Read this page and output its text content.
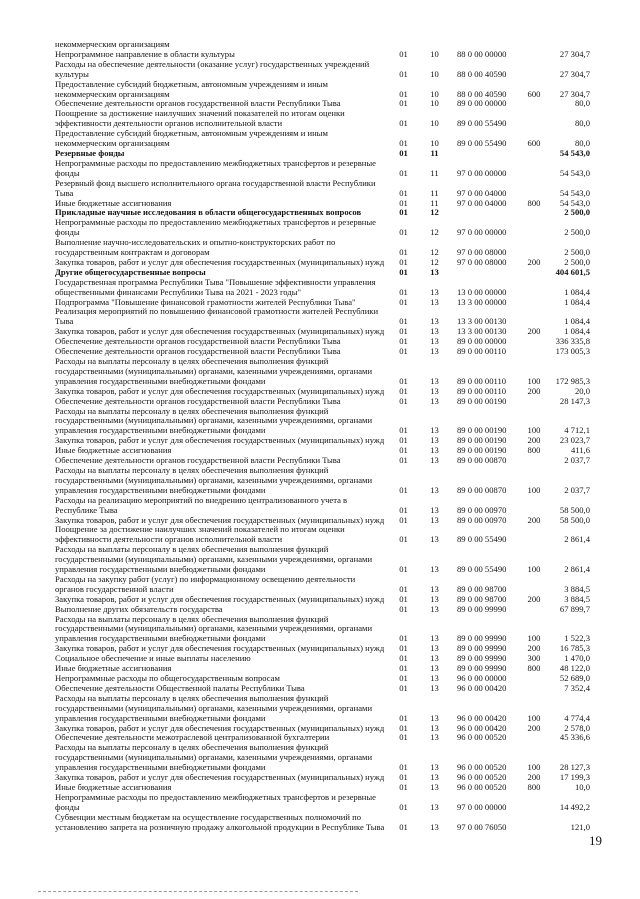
некоммерческим организациям
Непрограммное направление в области культуры	01	10	88 0 00 00000	27 304,7
Расходы на обеспечение деятельности (оказание услуг) государственных учреждений
культуры	01	10	88 0 00 40590	27 304,7
Предоставление субсидий бюджетным, автономным учреждениям и иным
некоммерческим организациям	01	10	88 0 00 40590	600	27 304,7
Обеспечение деятельности органов государственной власти Республики Тыва	01	10	89 0 00 00000	80,0
Поощрение за достижение наилучших значений показателей по итогам оценки
эффективности деятельности органов исполнительной власти	01	10	89 0 00 55490	80,0
Предоставление субсидий бюджетным, автономным учреждениям и иным
некоммерческим организациям	01	10	89 0 00 55490	600	80,0
Резервные фонды	01	11	54 543,0
Непрограммные расходы по предоставлению межбюджетных трансфертов и резервные
фонды	01	11	97 0 00 00000	54 543,0
Резервный фонд высшего исполнительного органа государственной власти Республики
Тыва	01	11	97 0 00 04000	54 543,0
Иные бюджетные ассигнования	01	11	97 0 00 04000	800	54 543,0
Прикладные научные исследования в области общегосударственных вопросов	01	12	2 500,0
Непрограммные расходы по предоставлению межбюджетных трансфертов и резервные
фонды	01	12	97 0 00 00000	2 500,0
Выполнение научно-исследовательских и опытно-конструкторских работ по
государственным контрактам и договорам	01	12	97 0 00 08000	2 500,0
Закупка товаров, работ и услуг для обеспечения государственных (муниципальных) нужд	01	12	97 0 00 08000	200	2 500,0
Другие общегосударственные вопросы	01	13	404 601,5
Государственная программа Республики Тыва "Повышение эффективности управления
общественными финансами Республики Тыва на 2021 - 2023 годы"	01	13	13 0 00 00000	1 084,4
Подпрограмма "Повышение финансовой грамотности жителей Республики Тыва"	01	13	13 3 00 00000	1 084,4
Реализация мероприятий по повышению финансовой грамотности жителей Республики
Тыва	01	13	13 3 00 00130	1 084,4
Закупка товаров, работ и услуг для обеспечения государственных (муниципальных) нужд	01	13	13 3 00 00130	200	1 084,4
Обеспечение деятельности органов государственной власти Республики Тыва	01	13	89 0 00 00000	336 335,8
Обеспечение деятельности органов государственной власти Республики Тыва	01	13	89 0 00 00110	173 005,3
Расходы на выплаты персоналу в целях обеспечения выполнения функций
государственными (муниципальными) органами, казенными учреждениями, органами
управления государственными внебюджетными фондами	01	13	89 0 00 00110	100	172 985,3
Закупка товаров, работ и услуг для обеспечения государственных (муниципальных) нужд	01	13	89 0 00 00110	200	20,0
Обеспечение деятельности органов государственной власти Республики Тыва	01	13	89 0 00 00190	28 147,3
Расходы на выплаты персоналу в целях обеспечения выполнения функций
государственными (муниципальными) органами, казенными учреждениями, органами
управления государственными внебюджетными фондами	01	13	89 0 00 00190	100	4 712,1
Закупка товаров, работ и услуг для обеспечения государственных (муниципальных) нужд	01	13	89 0 00 00190	200	23 023,7
Иные бюджетные ассигнования	01	13	89 0 00 00190	800	411,6
Обеспечение деятельности органов государственной власти Республики Тыва	01	13	89 0 00 00870	2 037,7
Расходы на выплаты персоналу в целях обеспечения выполнения функций
государственными (муниципальными) органами, казенными учреждениями, органами
управления государственными внебюджетными фондами	01	13	89 0 00 00870	100	2 037,7
Расходы на реализацию мероприятий по внедрению централизованного учета в
Республике Тыва	01	13	89 0 00 00970	58 500,0
Закупка товаров, работ и услуг для обеспечения государственных (муниципальных) нужд	01	13	89 0 00 00970	200	58 500,0
Поощрение за достижение наилучших значений показателей по итогам оценки
эффективности деятельности органов исполнительной власти	01	13	89 0 00 55490	2 861,4
Расходы на выплаты персоналу в целях обеспечения выполнения функций
государственными (муниципальными) органами, казенными учреждениями, органами
управления государственными внебюджетными фондами	01	13	89 0 00 55490	100	2 861,4
Расходы на закупку работ (услуг) по информационному освещению деятельности
органов государственной власти	01	13	89 0 00 98700	3 884,5
Закупка товаров, работ и услуг для обеспечения государственных (муниципальных) нужд	01	13	89 0 00 98700	200	3 884,5
Выполнение других обязательств государства	01	13	89 0 00 99990	67 899,7
Расходы на выплаты персоналу в целях обеспечения выполнения функций
государственными (муниципальными) органами, казенными учреждениями, органами
управления государственными внебюджетными фондами	01	13	89 0 00 99990	100	1 522,3
Закупка товаров, работ и услуг для обеспечения государственных (муниципальных) нужд	01	13	89 0 00 99990	200	16 785,3
Социальное обеспечение и иные выплаты населению	01	13	89 0 00 99990	300	1 470,0
Иные бюджетные ассигнования	01	13	89 0 00 99990	800	48 122,0
Непрограммные расходы по общегосударственным вопросам	01	13	96 0 00 00000	52 689,0
Обеспечение деятельности Общественной палаты Республики Тыва	01	13	96 0 00 00420	7 352,4
Расходы на выплаты персоналу в целях обеспечения выполнения функций
государственными (муниципальными) органами, казенными учреждениями, органами
управления государственными внебюджетными фондами	01	13	96 0 00 00420	100	4 774,4
Закупка товаров, работ и услуг для обеспечения государственных (муниципальных) нужд	01	13	96 0 00 00420	200	2 578,0
Обеспечение деятельности межотраслевой централизованной бухгалтерии	01	13	96 0 00 00520	45 336,6
Расходы на выплаты персоналу в целях обеспечения выполнения функций
государственными (муниципальными) органами, казенными учреждениями, органами
управления государственными внебюджетными фондами	01	13	96 0 00 00520	100	28 127,3
Закупка товаров, работ и услуг для обеспечения государственных (муниципальных) нужд	01	13	96 0 00 00520	200	17 199,3
Иные бюджетные ассигнования	01	13	96 0 00 00520	800	10,0
Непрограммные расходы по предоставлению межбюджетных трансфертов и резервные
фонды	01	13	97 0 00 00000	14 492,2
Субвенции местным бюджетам на осуществление государственных полномочий по
установлению запрета на розничную продажу алкогольной продукции в Республике Тыва	01	13	97 0 00 76050	121,0
19
